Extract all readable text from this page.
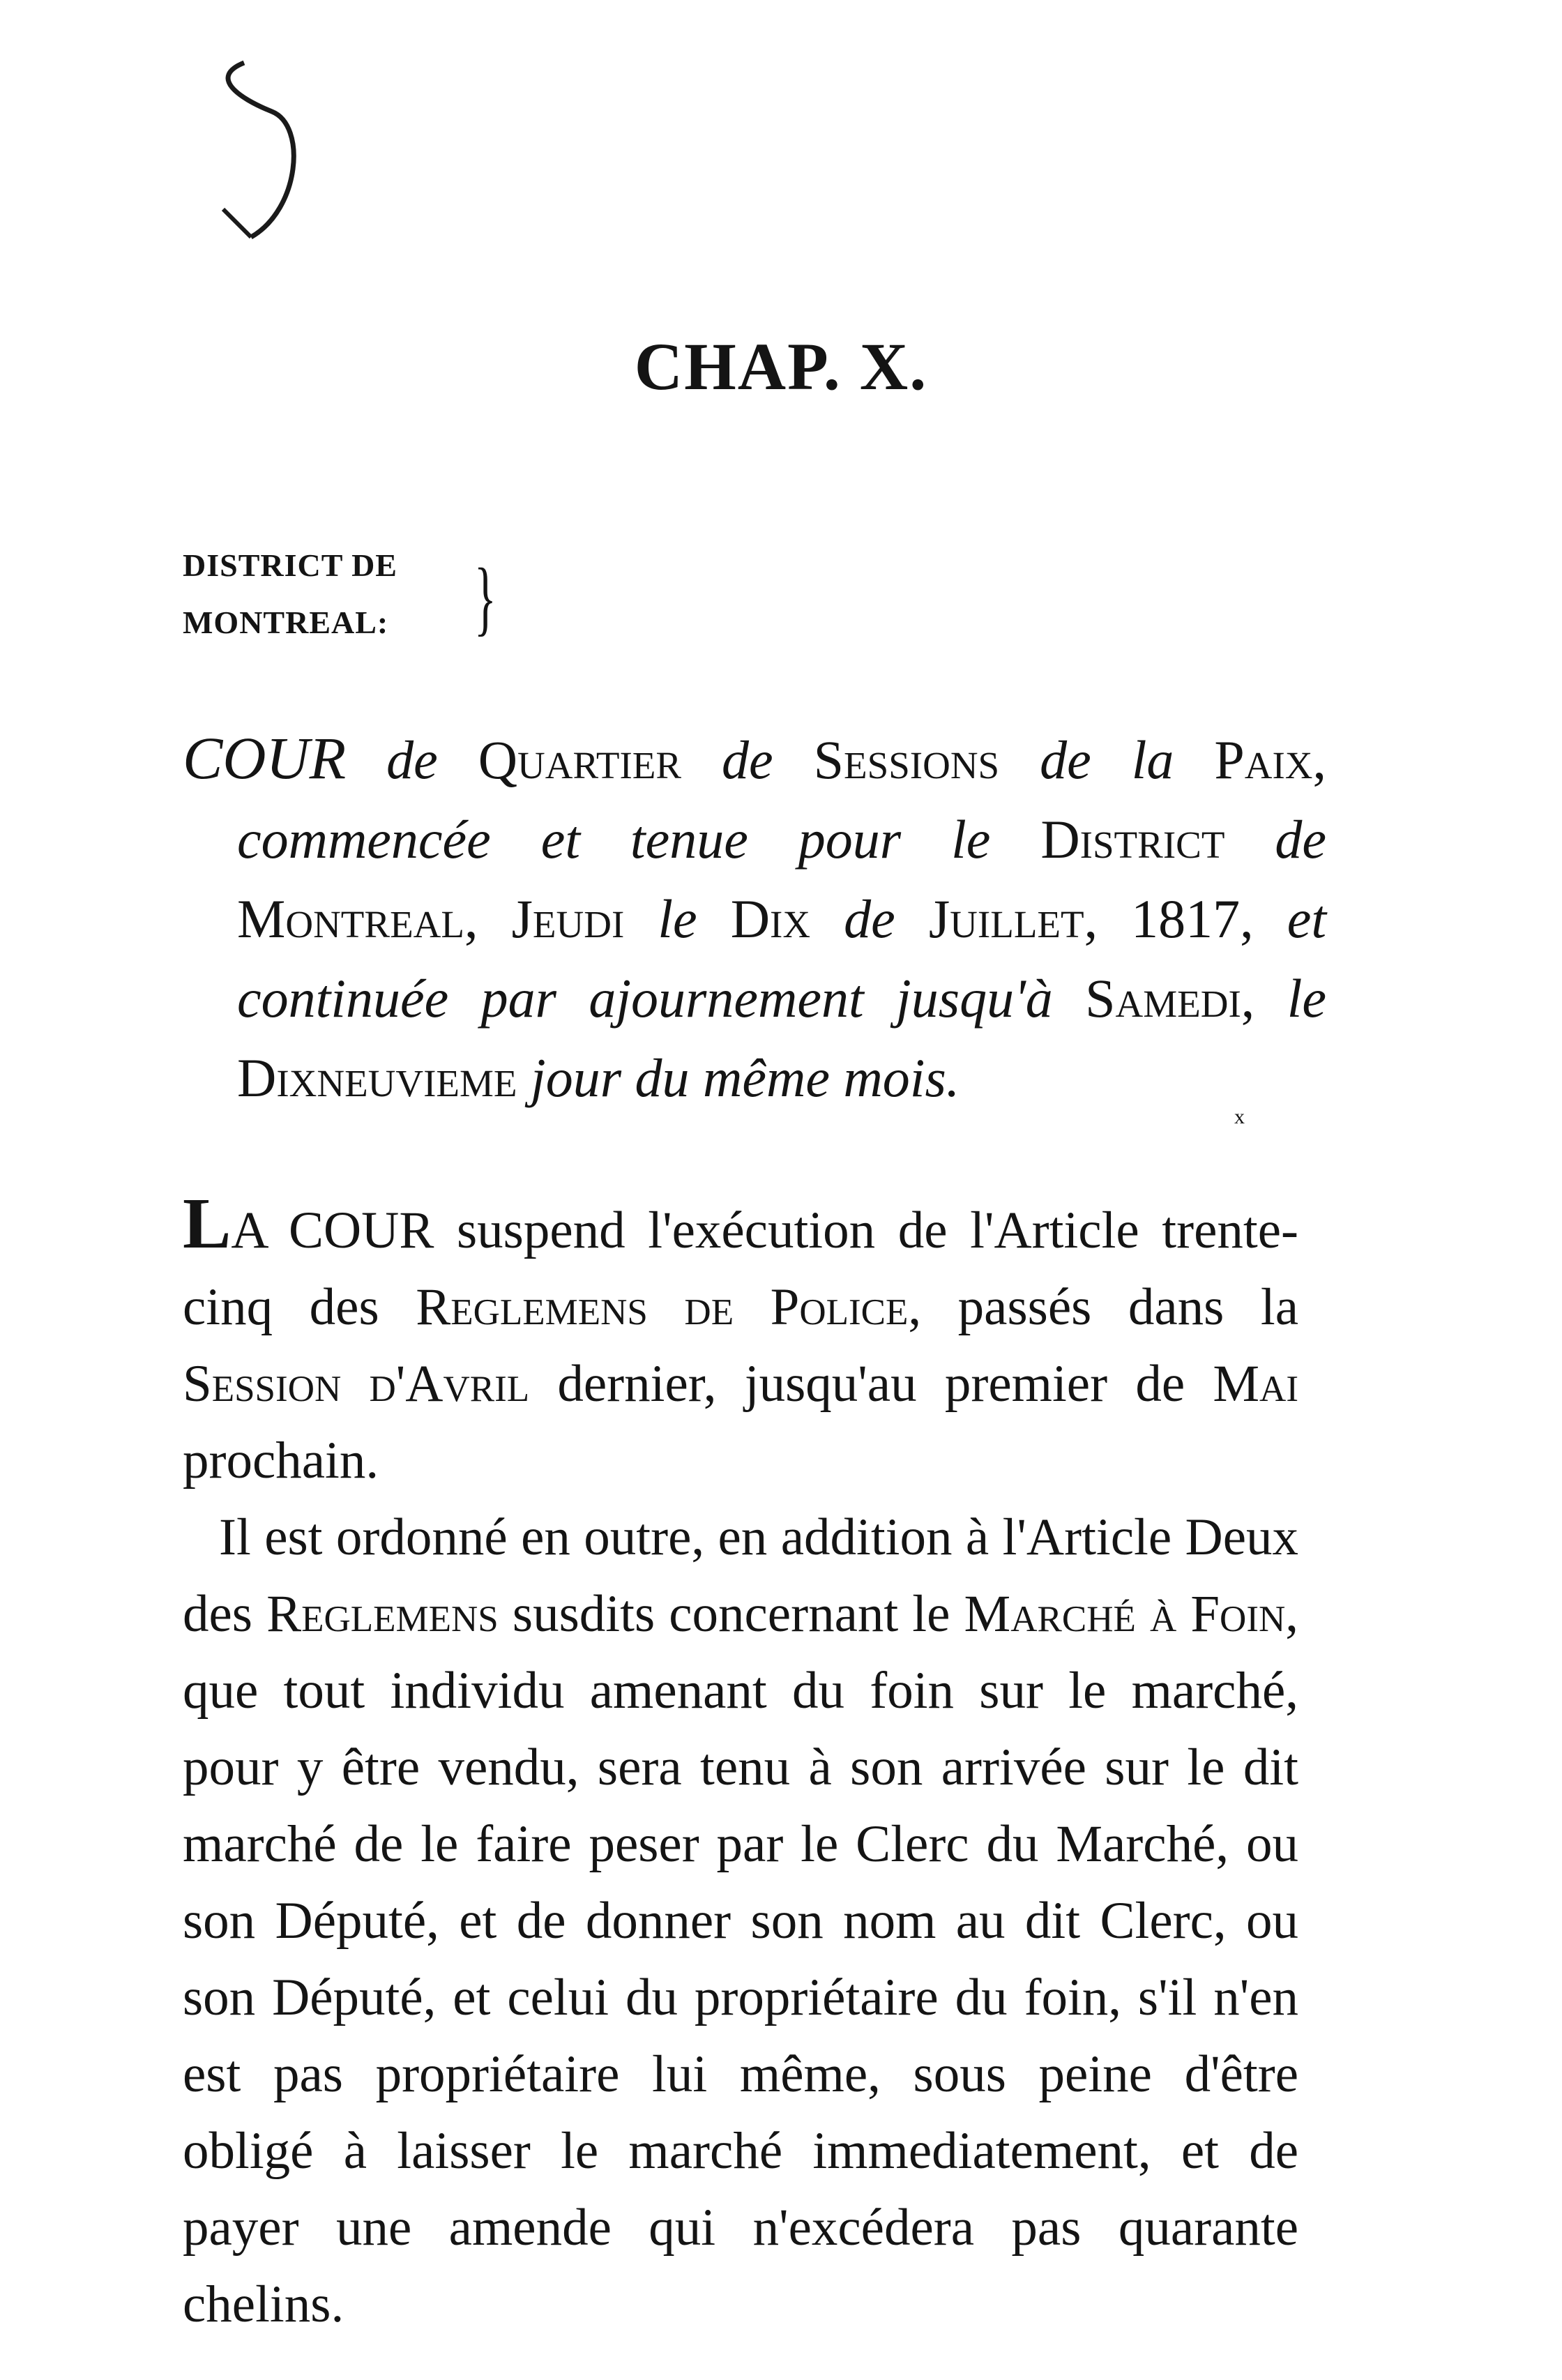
CHAP. X.
DISTRICT DE
MONTREAL: }

COUR de Quartier de Sessions de la Paix, commencée et tenue pour le District de Montreal, Jeudi le Dix de Juillet, 1817, et continuée par ajournement jusqu'à Samedi, le Dixneuvieme jour du même mois.

x

LA COUR suspend l'exécution de l'Article trente-cinq des Reglemens de Police, passés dans la Session d'Avril dernier, jusqu'au premier de Mai prochain.

Il est ordonné en outre, en addition à l'Article Deux des Reglemens susdits concernant le Marché à Foin, que tout individu amenant du foin sur le marché, pour y être vendu, sera tenu à son arrivée sur le dit marché de le faire peser par le Clerc du Marché, ou son Député, et de donner son nom au dit Clerc, ou son Député, et celui du propriétaire du foin, s'il n'en est pas propriétaire lui même, sous peine d'être obligé à laisser le marché immediatement, et de payer une amende qui n'excédera pas quarante chelins.
